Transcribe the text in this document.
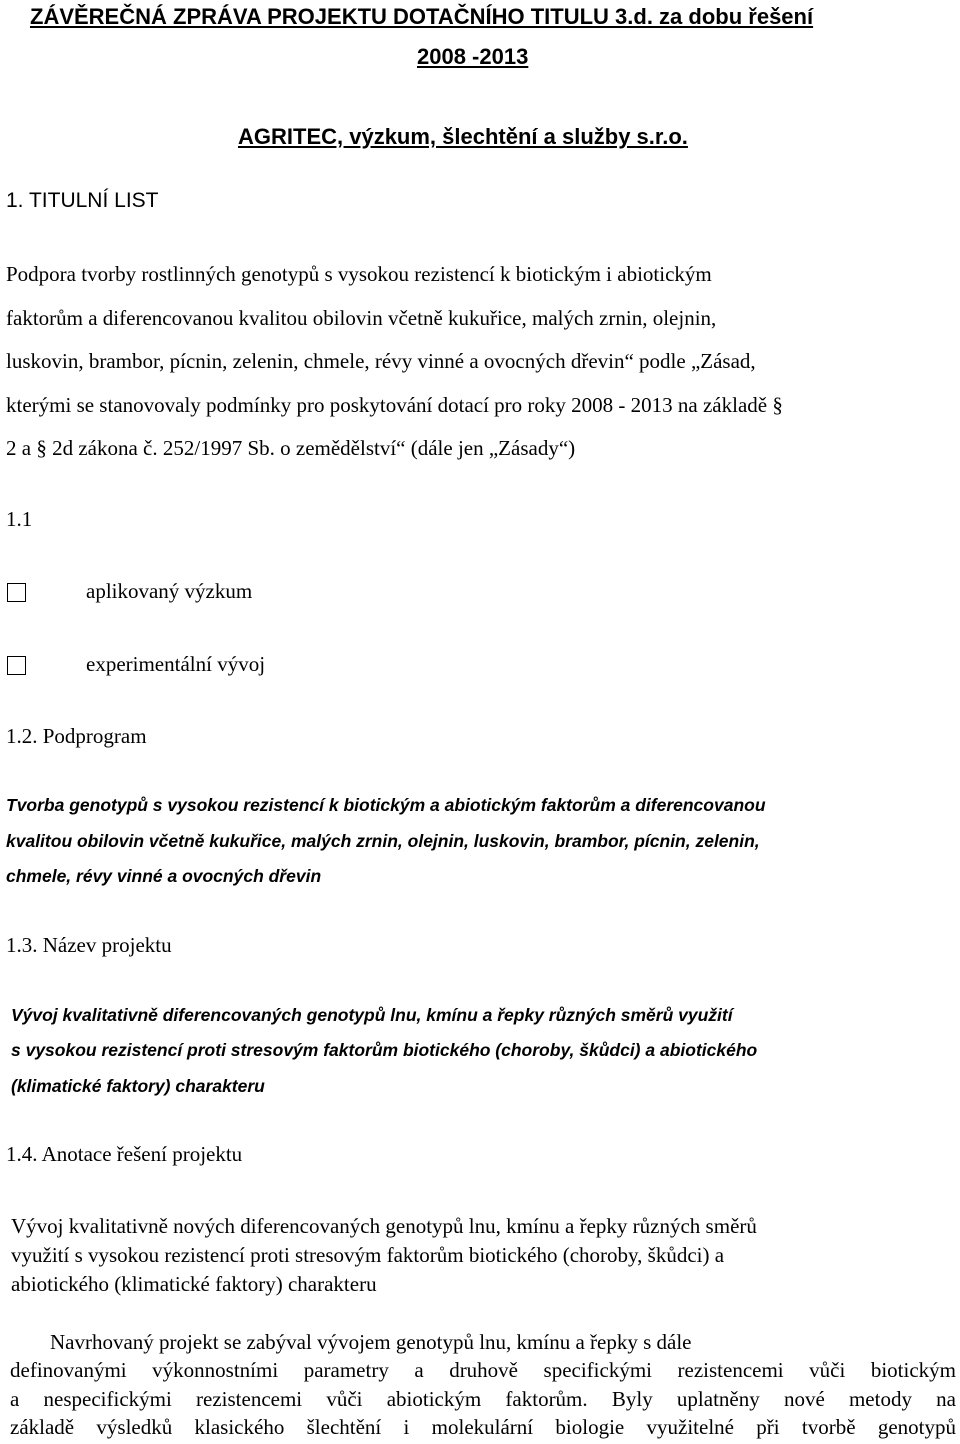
ZÁVĚREČNÁ ZPRÁVA PROJEKTU DOTAČNÍHO TITULU 3.d. za dobu řešení
2008 -2013
AGRITEC, výzkum, šlechtění a služby s.r.o.
1. TITULNÍ LIST
Podpora tvorby rostlinných genotypů s vysokou rezistencí k biotickým i abiotickým
faktorům a diferencovanou kvalitou obilovin včetně kukuřice, malých zrnin, olejnin,
luskovin, brambor, pícnin, zelenin, chmele, révy vinné a ovocných dřevin“ podle „Zásad,
kterými se stanovovaly podmínky pro poskytování dotací pro roky 2008 - 2013 na základě §
2 a § 2d zákona č. 252/1997 Sb. o zemědělství“ (dále jen „Zásady“)
1.1
aplikovaný výzkum
experimentální vývoj
1.2. Podprogram
Tvorba genotypů s vysokou rezistencí k biotickým a abiotickým faktorům a diferencovanou
kvalitou obilovin včetně kukuřice, malých zrnin, olejnin, luskovin, brambor, pícnin, zelenin,
chmele, révy vinné a ovocných dřevin
1.3. Název projektu
Vývoj kvalitativně diferencovaných genotypů lnu, kmínu a řepky různých směrů využití
s vysokou rezistencí proti stresovým faktorům biotického (choroby, škůdci) a abiotického
(klimatické faktory) charakteru
1.4. Anotace řešení projektu
Vývoj kvalitativně nových diferencovaných genotypů lnu, kmínu a řepky různých směrů
využití s vysokou rezistencí proti stresovým faktorům biotického (choroby, škůdci) a
abiotického (klimatické faktory) charakteru
Navrhovaný projekt se zabýval vývojem genotypů lnu, kmínu a řepky s dále
definovanými výkonnostními parametry a druhově specifickými rezistencemi vůči biotickým
a nespecifickými rezistencemi vůči abiotickým faktorům. Byly uplatněny nové metody na
základě výsledků klasického šlechtění i molekulární biologie využitelné při tvorbě genotypů
